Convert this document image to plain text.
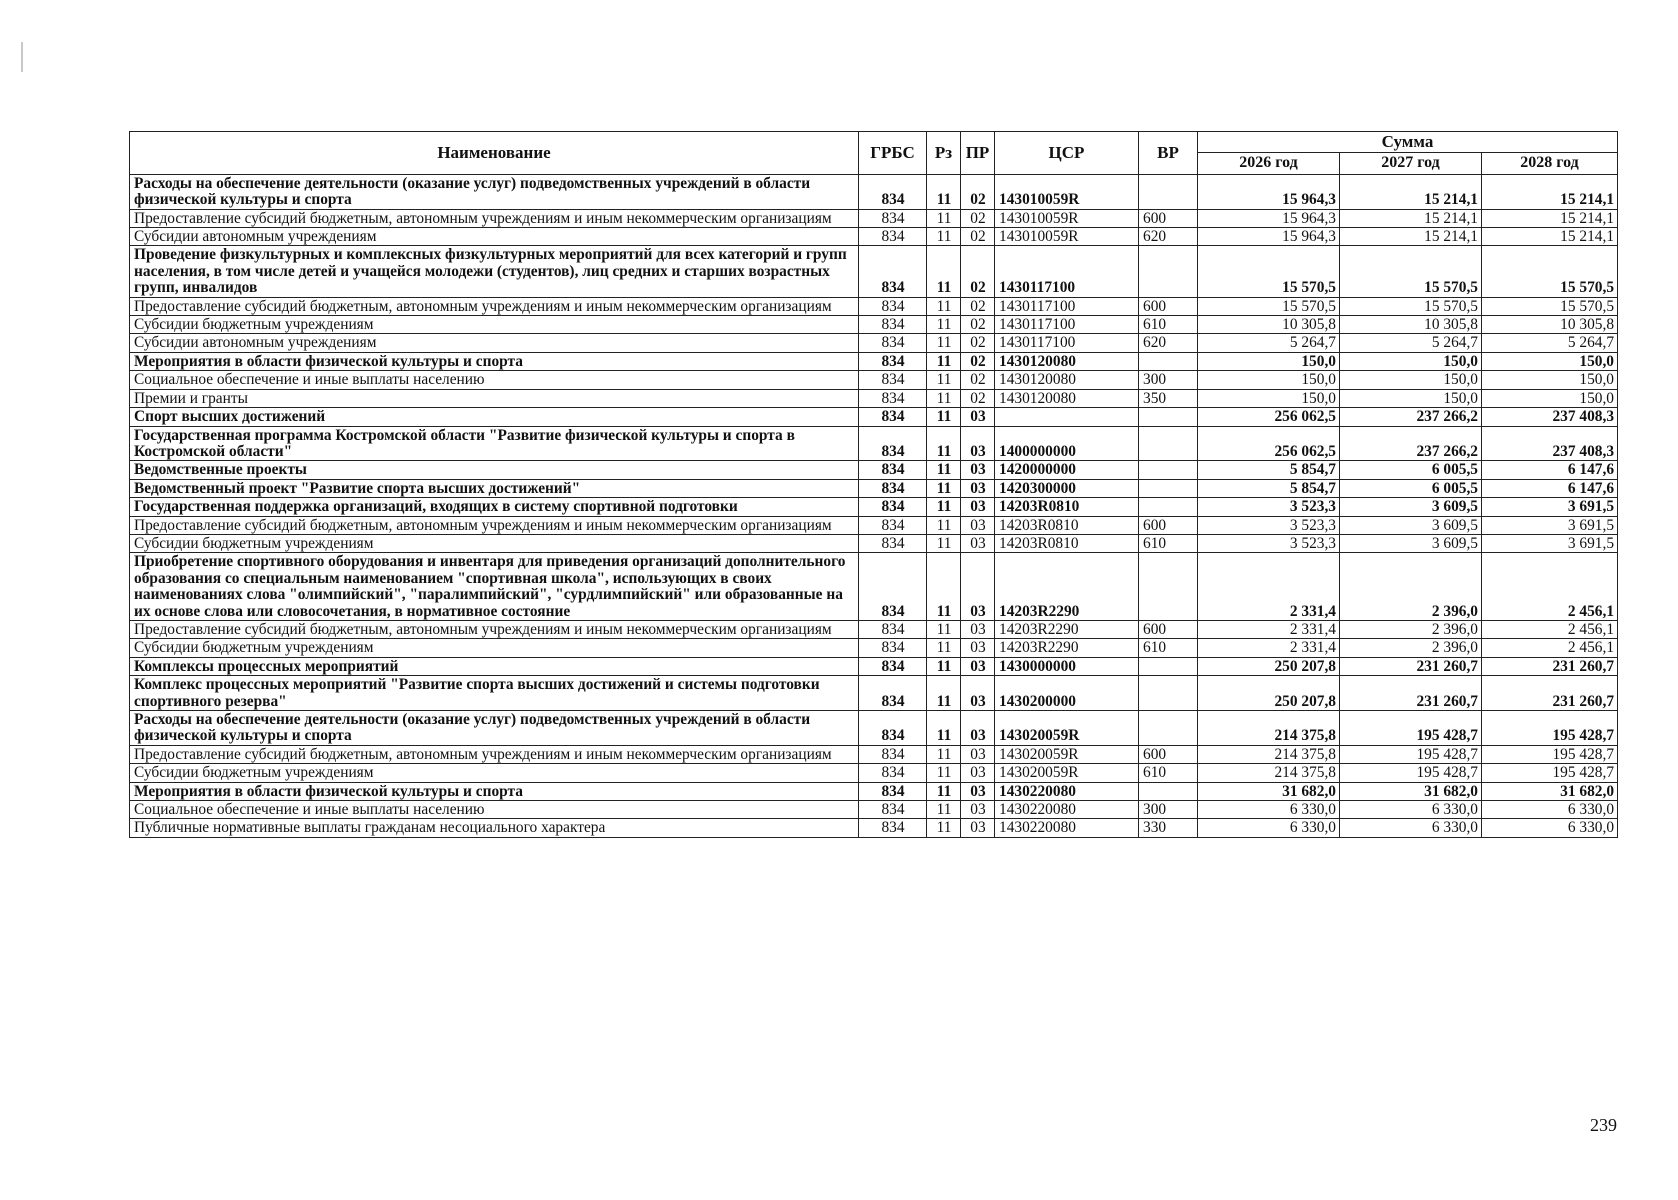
Наименование	ГРБС	Рз	ПР	ЦСР	ВР	Сумма		
						2026 год	2027 год	2028 год
Расходы на обеспечение деятельности (оказание услуг) подведомственных учреждений в области физической культуры и спорта	834	11	02	143010059R		15 964,3	15 214,1	15 214,1
Предоставление субсидий бюджетным, автономным учреждениям и иным некоммерческим организациям	834	11	02	143010059R	600	15 964,3	15 214,1	15 214,1
Субсидии автономным учреждениям	834	11	02	143010059R	620	15 964,3	15 214,1	15 214,1
Проведение физкультурных и комплексных физкультурных мероприятий для всех категорий и групп населения, в том числе детей и учащейся молодежи (студентов), лиц средних и старших возрастных групп, инвалидов	834	11	02	1430117100		15 570,5	15 570,5	15 570,5
Предоставление субсидий бюджетным, автономным учреждениям и иным некоммерческим организациям	834	11	02	1430117100	600	15 570,5	15 570,5	15 570,5
Субсидии бюджетным учреждениям	834	11	02	1430117100	610	10 305,8	10 305,8	10 305,8
Субсидии автономным учреждениям	834	11	02	1430117100	620	5 264,7	5 264,7	5 264,7
Мероприятия в области физической культуры и спорта	834	11	02	1430120080		150,0	150,0	150,0
Социальное обеспечение и иные выплаты населению	834	11	02	1430120080	300	150,0	150,0	150,0
Премии и гранты	834	11	02	1430120080	350	150,0	150,0	150,0
Спорт высших достижений	834	11	03			256 062,5	237 266,2	237 408,3
Государственная программа Костромской области "Развитие физической культуры и спорта в Костромской области"	834	11	03	1400000000		256 062,5	237 266,2	237 408,3
Ведомственные проекты	834	11	03	1420000000		5 854,7	6 005,5	6 147,6
Ведомственный проект "Развитие спорта высших достижений"	834	11	03	1420300000		5 854,7	6 005,5	6 147,6
Государственная поддержка организаций, входящих в систему спортивной подготовки	834	11	03	14203R0810		3 523,3	3 609,5	3 691,5
Предоставление субсидий бюджетным, автономным учреждениям и иным некоммерческим организациям	834	11	03	14203R0810	600	3 523,3	3 609,5	3 691,5
Субсидии бюджетным учреждениям	834	11	03	14203R0810	610	3 523,3	3 609,5	3 691,5
Приобретение спортивного оборудования и инвентаря для приведения организаций дополнительного образования со специальным наименованием "спортивная школа", использующих в своих наименованиях слова "олимпийский", "паралимпийский", "сурдлимпийский" или образованные на их основе слова или словосочетания, в нормативное состояние	834	11	03	14203R2290		2 331,4	2 396,0	2 456,1
Предоставление субсидий бюджетным, автономным учреждениям и иным некоммерческим организациям	834	11	03	14203R2290	600	2 331,4	2 396,0	2 456,1
Субсидии бюджетным учреждениям	834	11	03	14203R2290	610	2 331,4	2 396,0	2 456,1
Комплексы процессных мероприятий	834	11	03	1430000000		250 207,8	231 260,7	231 260,7
Комплекс процессных мероприятий "Развитие спорта высших достижений и системы подготовки спортивного резерва"	834	11	03	1430200000		250 207,8	231 260,7	231 260,7
Расходы на обеспечение деятельности (оказание услуг) подведомственных учреждений в области физической культуры и спорта	834	11	03	143020059R		214 375,8	195 428,7	195 428,7
Предоставление субсидий бюджетным, автономным учреждениям и иным некоммерческим организациям	834	11	03	143020059R	600	214 375,8	195 428,7	195 428,7
Субсидии бюджетным учреждениям	834	11	03	143020059R	610	214 375,8	195 428,7	195 428,7
Мероприятия в области физической культуры и спорта	834	11	03	1430220080		31 682,0	31 682,0	31 682,0
Социальное обеспечение и иные выплаты населению	834	11	03	1430220080	300	6 330,0	6 330,0	6 330,0
Публичные нормативные выплаты гражданам несоциального характера	834	11	03	1430220080	330	6 330,0	6 330,0	6 330,0
239
